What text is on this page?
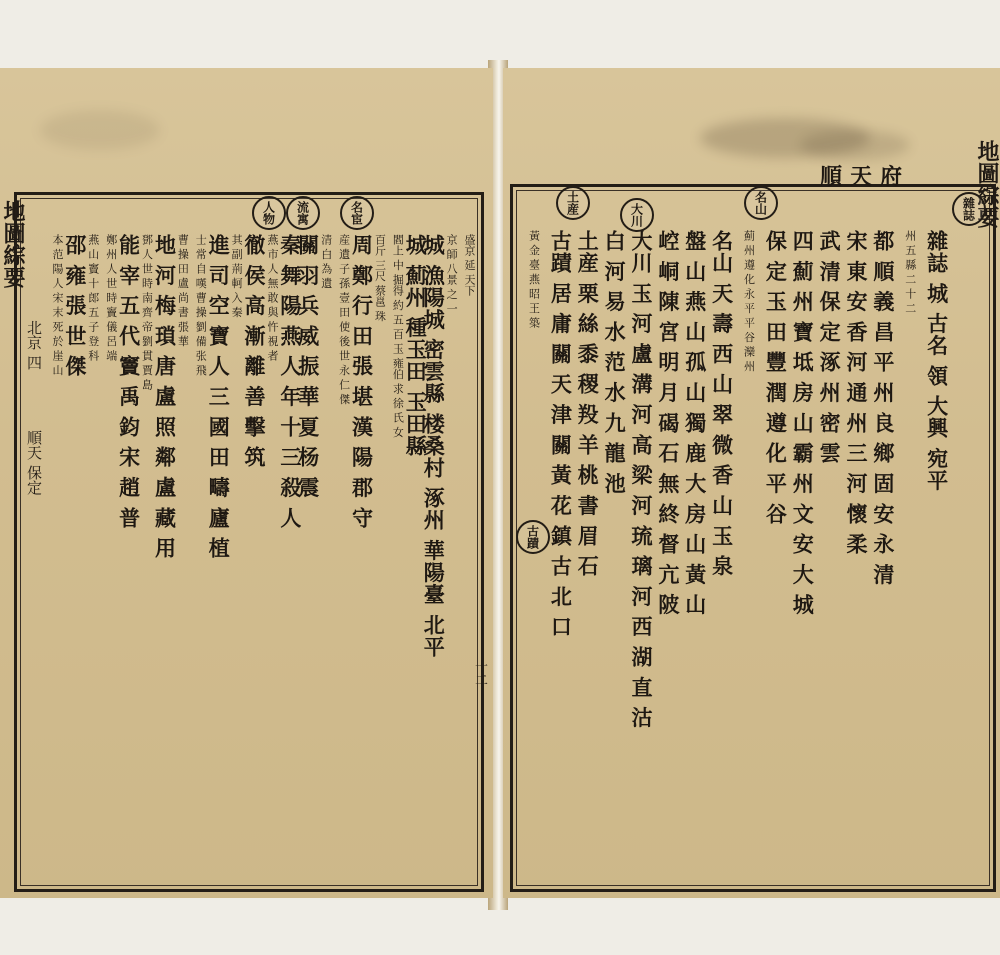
地圖綜要
北京 四
順天 保定
十二
盛京 延 天下
京 師 八景 之 一
城 漁陽城 密雲縣 楼桑村 涿州 華陽臺 北平
城 薊州 種玉田 玉田縣
閻上 中 掘得 約 五 百 玉 雍伯 求 徐 氏 女
百斤 三尺 蔡邕 珠
周 鄭 行 田 張 堪 漢 陽 郡 守
産 遺 子 孫 壹 田 使 後 世 永 仁 傑
清 白 為 遺
關 羽 兵 威 振 華 夏 杨 震
秦 舞 陽 燕 人 年 十 三 殺 人
燕 市 人 無 敢 與 忤 視 者
徹 侯 高 漸 離 善 擊 筑
其 副 荊 軻 入 秦
進 司 空 寶 人 三 國 田 疇 廬 植
士 常 自 嘆 曹 操 劉 備 张 飛
曹 操 田 盧 尚 書 張 華
地 河 梅 瑣 唐 盧 照 鄰 盧 藏 用
鄧 人 世 時 南 齊 帝 劉 貫 賈 島
能 宰 五 代 竇 禹 鈞 宋 趙 普
鄭 州 人 世 時 竇 儀 呂 端
燕 山 竇 十 郎 五 子 登 科
邵 雍 張 世 傑
本 范 陽 人 宋 末 死 於 崖 山
名宦
流寓
人物
順天府	地圖綜要
雜誌 城 古名 領 大興 宛平
州 五 縣 二 十 二
都 順 義 昌 平 州 良 鄉 固 安 永 清
宋 東 安 香 河 通 州 三 河 懷 柔
武 清 保 定 涿 州 密 雲
四 薊 州 寶 坻 房 山 霸 州 文 安 大 城
保 定 玉 田 豐 潤 遵 化 平 谷
薊 州 遵 化 永 平 平 谷 灤 州
名山 天 壽 西 山 翠 微 香 山 玉 泉
盤 山 燕 山 孤 山 獨 鹿 大 房 山 黃 山
崆 峒 陳 宮 明 月 碣 石 無 終 督 亢 陂
大川 玉 河 盧 溝 河 高 梁 河 琉 璃 河 西 湖 直 沽
白 河 易 水 范 水 九 龍 池
土産 栗 絲 黍 稷 羖 羊 桃 書 眉 石
古蹟 居 庸 關 天 津 關 黃 花 鎮 古 北 口
黃 金 臺 燕 昭 王 築
雜誌
名山
大川
土産
古蹟
